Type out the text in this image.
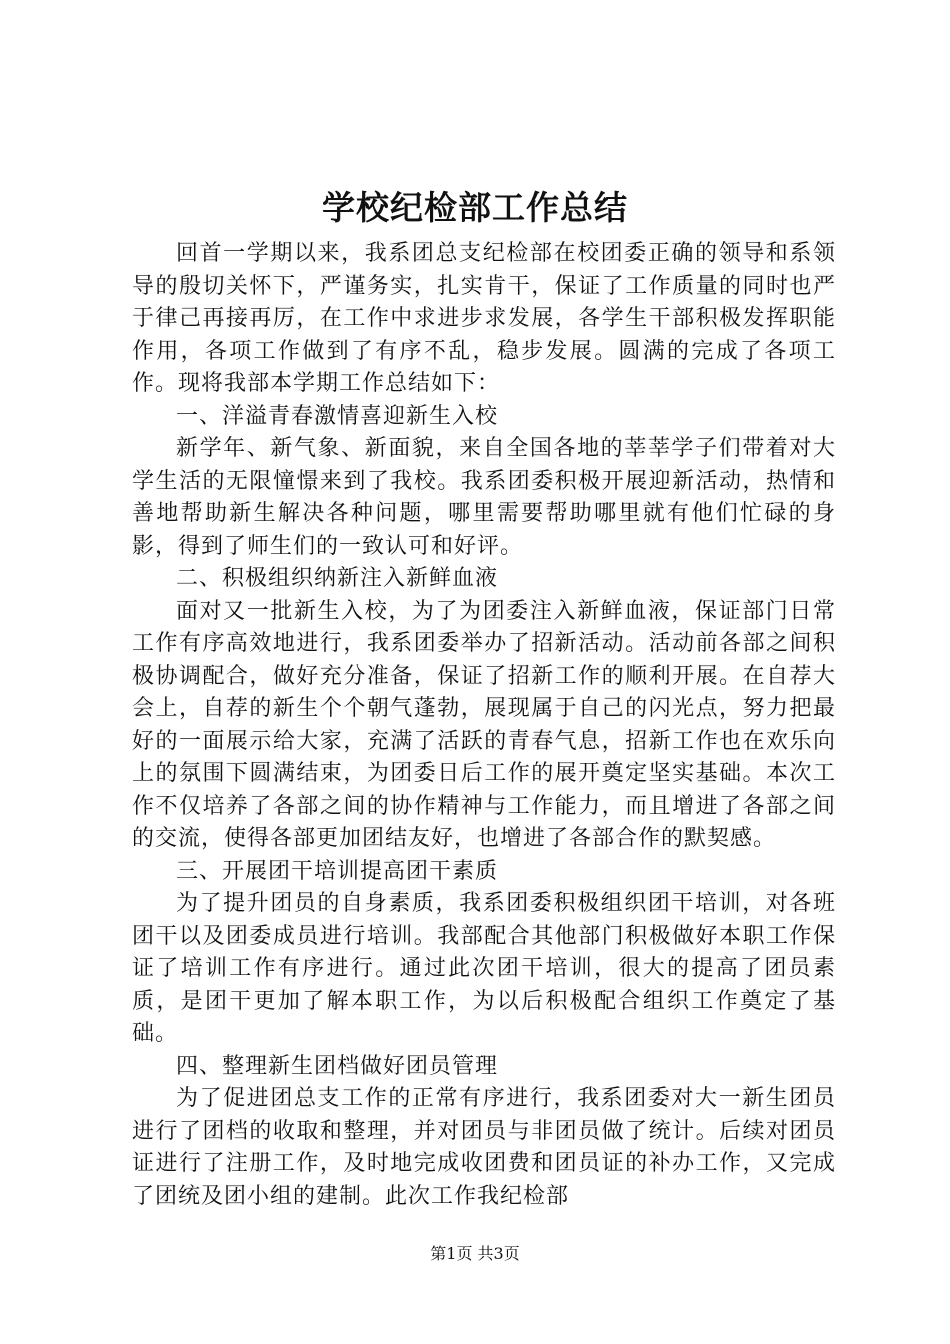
学校纪检部工作总结

回首一学期以来，我系团总支纪检部在校团委正确的领导和系领导的殷切关怀下，严谨务实，扎实肯干，保证了工作质量的同时也严于律己再接再厉，在工作中求进步求发展，各学生干部积极发挥职能作用，各项工作做到了有序不乱，稳步发展。圆满的完成了各项工作。现将我部本学期工作总结如下：

一、洋溢青春激情喜迎新生入校

新学年、新气象、新面貌，来自全国各地的莘莘学子们带着对大学生活的无限憧憬来到了我校。我系团委积极开展迎新活动，热情和善地帮助新生解决各种问题，哪里需要帮助哪里就有他们忙碌的身影，得到了师生们的一致认可和好评。

二、积极组织纳新注入新鲜血液

面对又一批新生入校，为了为团委注入新鲜血液，保证部门日常工作有序高效地进行，我系团委举办了招新活动。活动前各部之间积极协调配合，做好充分准备，保证了招新工作的顺利开展。在自荐大会上，自荐的新生个个朝气蓬勃，展现属于自己的闪光点，努力把最好的一面展示给大家，充满了活跃的青春气息，招新工作也在欢乐向上的氛围下圆满结束，为团委日后工作的展开奠定坚实基础。本次工作不仅培养了各部之间的协作精神与工作能力，而且增进了各部之间的交流，使得各部更加团结友好，也增进了各部合作的默契感。

三、开展团干培训提高团干素质

为了提升团员的自身素质，我系团委积极组织团干培训，对各班团干以及团委成员进行培训。我部配合其他部门积极做好本职工作保证了培训工作有序进行。通过此次团干培训，很大的提高了团员素质，是团干更加了解本职工作，为以后积极配合组织工作奠定了基础。

四、整理新生团档做好团员管理

为了促进团总支工作的正常有序进行，我系团委对大一新生团员进行了团档的收取和整理，并对团员与非团员做了统计。后续对团员证进行了注册工作，及时地完成收团费和团员证的补办工作，又完成了团统及团小组的建制。此次工作我纪检部

第1页 共3页
